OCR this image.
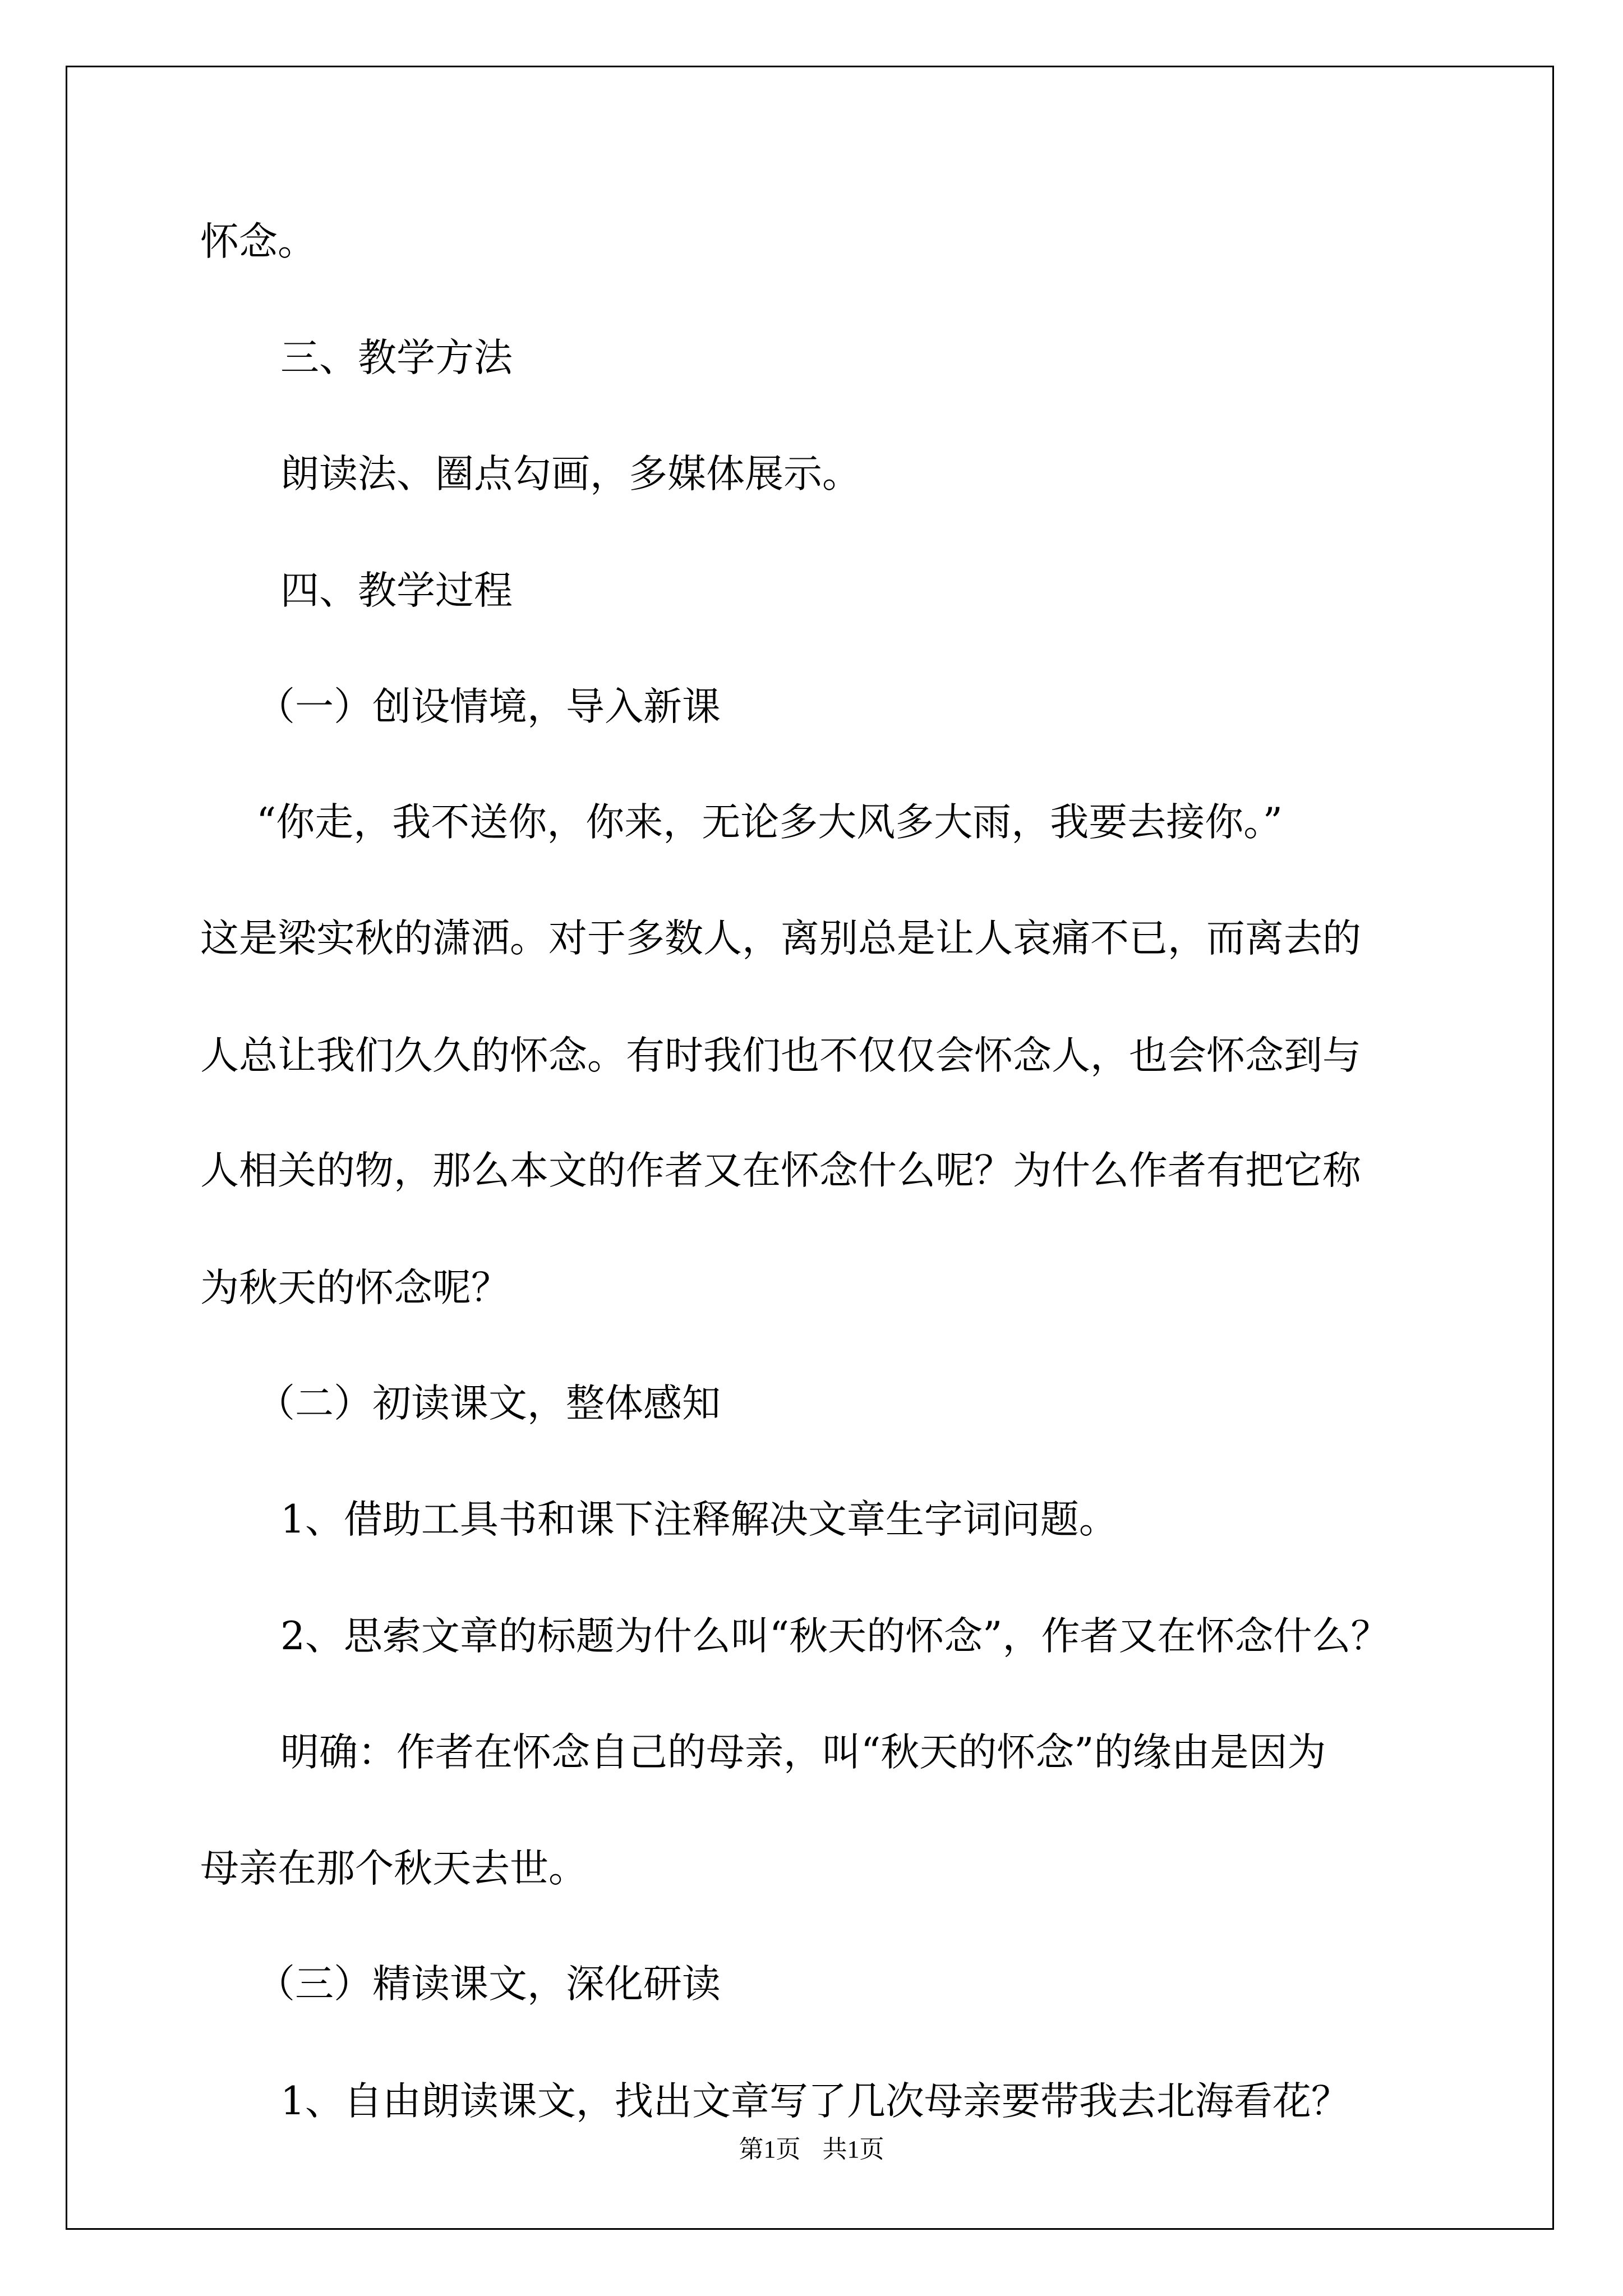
怀念。

三、教学方法

朗读法、圈点勾画，多媒体展示。

四、教学过程

（一）创设情境，导入新课

“你走，我不送你，你来，无论多大风多大雨，我要去接你。”

这是梁实秋的潇洒。对于多数人，离别总是让人哀痛不已，而离去的

人总让我们久久的怀念。有时我们也不仅仅会怀念人，也会怀念到与

人相关的物，那么本文的作者又在怀念什么呢？为什么作者有把它称

为秋天的怀念呢？

（二）初读课文，整体感知

1、借助工具书和课下注释解决文章生字词问题。

2、思索文章的标题为什么叫“秋天的怀念”，作者又在怀念什么？

明确：作者在怀念自己的母亲，叫“秋天的怀念”的缘由是因为

母亲在那个秋天去世。

（三）精读课文，深化研读

1、自由朗读课文，找出文章写了几次母亲要带我去北海看花？

第1页 共1页
